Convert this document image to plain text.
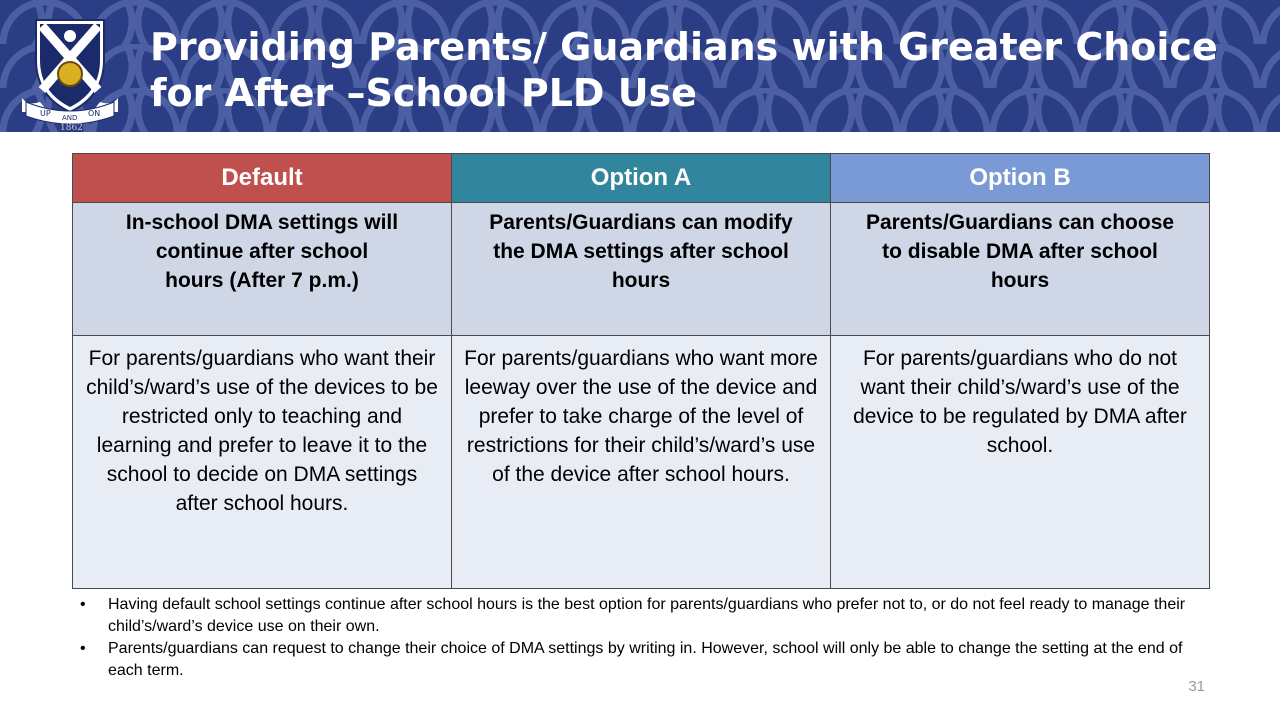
UP AND ON
1862
Providing Parents/ Guardians with Greater Choice
for After –School PLD Use
Default	Option A	Option B
In-school DMA settings will
continue after school
hours (After 7 p.m.)	Parents/Guardians can modify
the DMA settings after school
hours	Parents/Guardians can choose
to disable DMA after school
hours
For parents/guardians who want their child’s/ward’s use of the devices to be restricted only to teaching and learning and prefer to leave it to the school to decide on DMA settings after school hours.	For parents/guardians who want more leeway over the use of the device and prefer to take charge of the level of restrictions for their child’s/ward’s use of the device after school hours.	For parents/guardians who do not want their child’s/ward’s use of the device to be regulated by DMA after school.
• Having default school settings continue after school hours is the best option for parents/guardians who prefer not to, or do not feel ready to manage their child’s/ward’s device use on their own.
• Parents/guardians can request to change their choice of DMA settings by writing in. However, school will only be able to change the setting at the end of each term.
31
